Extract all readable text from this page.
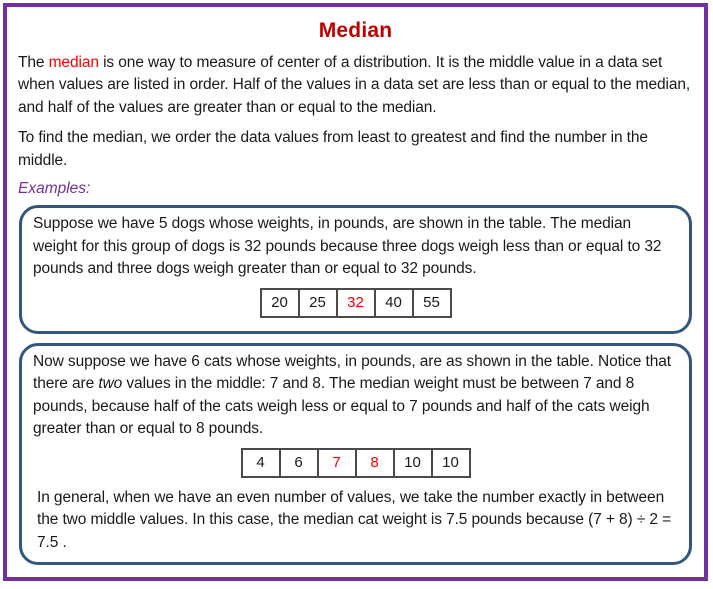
Median

The median is one way to measure of center of a distribution. It is the middle value in a data set when values are listed in order. Half of the values in a data set are less than or equal to the median, and half of the values are greater than or equal to the median.

To find the median, we order the data values from least to greatest and find the number in the middle.

Examples:

Suppose we have 5 dogs whose weights, in pounds, are shown in the table. The median weight for this group of dogs is 32 pounds because three dogs weigh less than or equal to 32 pounds and three dogs weigh greater than or equal to 32 pounds.

20	25	32	40	55

Now suppose we have 6 cats whose weights, in pounds, are as shown in the table. Notice that there are two values in the middle: 7 and 8. The median weight must be between 7 and 8 pounds, because half of the cats weigh less or equal to 7 pounds and half of the cats weigh greater than or equal to 8 pounds.

4	6	7	8	10	10

In general, when we have an even number of values, we take the number exactly in between the two middle values. In this case, the median cat weight is 7.5 pounds because (7 + 8) ÷ 2 = 7.5 .
